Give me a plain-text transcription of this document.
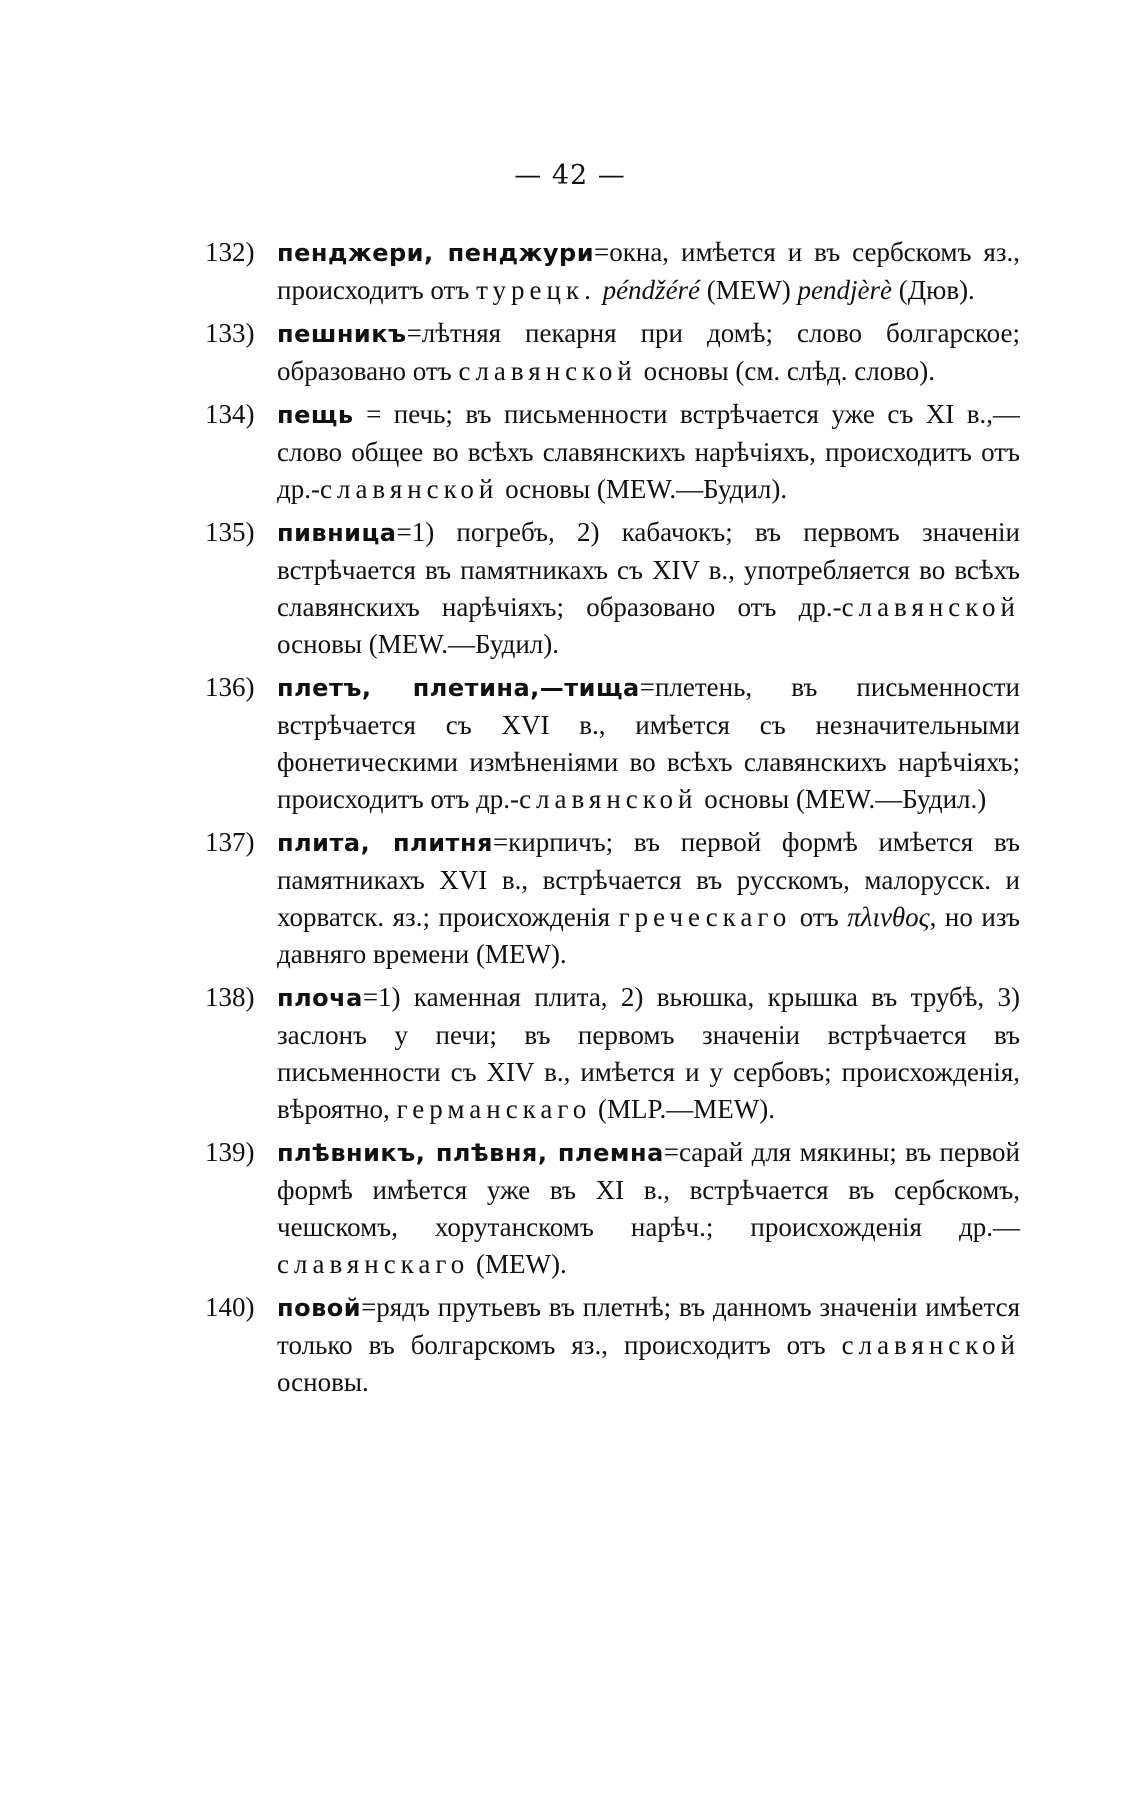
— 42 —
132) пенджери, пенджури=окна, имѣется и въ сербскомъ яз., происходитъ отъ турецк. péndžéré (MEW) pendjèrè (Дюв).
133) пешникъ=лѣтняя пекарня при домѣ; слово болгарское; образовано отъ славянской основы (см. слѣд. слово).
134) пещь = печь; въ письменности встрѣчается уже съ XI в.,—слово общее во всѣхъ славянскихъ нарѣчіяхъ, происходитъ отъ др.-славянской основы (MEW.—Будил).
135) пивница=1) погребъ, 2) кабачокъ; въ первомъ значеніи встрѣчается въ памятникахъ съ XIV в., употребляется во всѣхъ славянскихъ нарѣчіяхъ; образовано отъ др.-славянской основы (MEW.—Будил).
136) плетъ, плетина,—тища=плетень, въ письменности встрѣчается съ XVI в., имѣется съ незначительными фонетическими измѣненіями во всѣхъ славянскихъ нарѣчіяхъ; происходитъ отъ др.-славянской основы (MEW.—Будил.)
137) плита, плитня=кирпичъ; въ первой формѣ имѣется въ памятникахъ XVI в., встрѣчается въ русскомъ, малорусск. и хорватск. яз.; происхожденія греческаго отъ πλινθος, но изъ давняго времени (MEW).
138) плоча=1) каменная плита, 2) вьюшка, крышка въ трубѣ, 3) заслонъ у печи; въ первомъ значеніи встрѣчается въ письменности съ XIV в., имѣется и у сербовъ; происхожденія, вѣроятно, германскаго (MLP.—MEW).
139) плѣвникъ, плѣвня, племна=сарай для мякины; въ первой формѣ имѣется уже въ XI в., встрѣчается въ сербскомъ, чешскомъ, хорутанскомъ нарѣч.; происхожденія др.—славянскаго (MEW).
140) повой=рядъ прутьевъ въ плетнѣ; въ данномъ значеніи имѣется только въ болгарскомъ яз., происходитъ отъ славянской основы.
